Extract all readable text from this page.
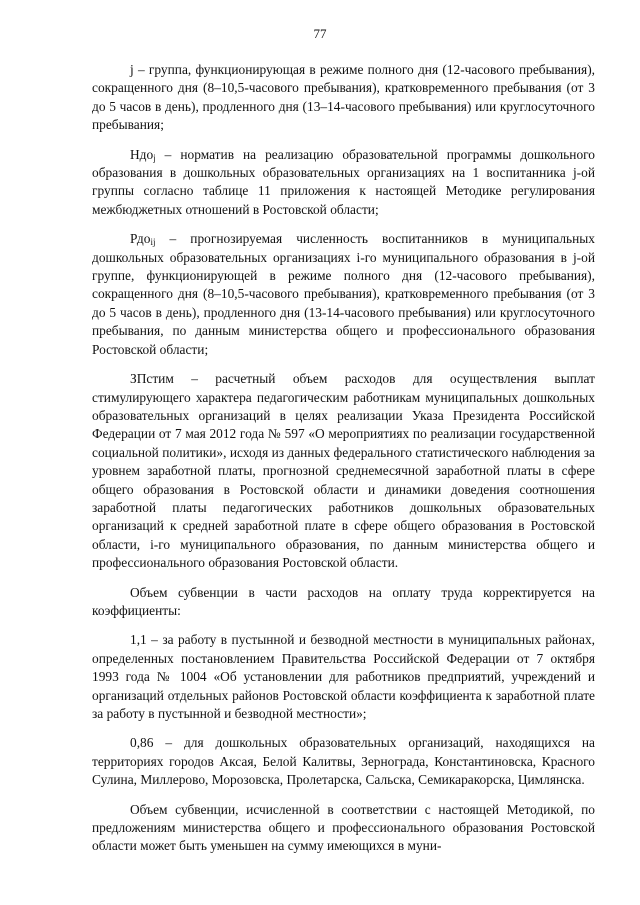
77

j – группа, функционирующая в режиме полного дня (12-часового пребывания), сокращенного дня (8–10,5-часового пребывания), кратковременного пребывания (от 3 до 5 часов в день), продленного дня (13–14-часового пребывания) или круглосуточного пребывания;

Ндо$_j$ – норматив на реализацию образовательной программы дошкольного образования в дошкольных образовательных организациях на 1 воспитанника j-ой группы согласно таблице 11 приложения к настоящей Методике регулирования межбюджетных отношений в Ростовской области;

Рдо$_{ij}$ – прогнозируемая численность воспитанников в муниципальных дошкольных образовательных организациях i-го муниципального образования в j-ой группе, функционирующей в режиме полного дня (12-часового пребывания), сокращенного дня (8–10,5-часового пребывания), кратковременного пребывания (от 3 до 5 часов в день), продленного дня (13-14-часового пребывания) или круглосуточного пребывания, по данным министерства общего и профессионального образования Ростовской области;

ЗПстим – расчетный объем расходов для осуществления выплат стимулирующего характера педагогическим работникам муниципальных дошкольных образовательных организаций в целях реализации Указа Президента Российской Федерации от 7 мая 2012 года № 597 «О мероприятиях по реализации государственной социальной политики», исходя из данных федерального статистического наблюдения за уровнем заработной платы, прогнозной среднемесячной заработной платы в сфере общего образования в Ростовской области и динамики доведения соотношения заработной платы педагогических работников дошкольных образовательных организаций к средней заработной плате в сфере общего образования в Ростовской области, i-го муниципального образования, по данным министерства общего и профессионального образования Ростовской области.

Объем субвенции в части расходов на оплату труда корректируется на коэффициенты:

1,1 – за работу в пустынной и безводной местности в муниципальных районах, определенных постановлением Правительства Российской Федерации от 7 октября 1993 года № 1004 «Об установлении для работников предприятий, учреждений и организаций отдельных районов Ростовской области коэффициента к заработной плате за работу в пустынной и безводной местности»;

0,86 – для дошкольных образовательных организаций, находящихся на территориях городов Аксая, Белой Калитвы, Зернограда, Константиновска, Красного Сулина, Миллерово, Морозовска, Пролетарска, Сальска, Семикаракорска, Цимлянска.

Объем субвенции, исчисленной в соответствии с настоящей Методикой, по предложениям министерства общего и профессионального образования Ростовской области может быть уменьшен на сумму имеющихся в муни-
